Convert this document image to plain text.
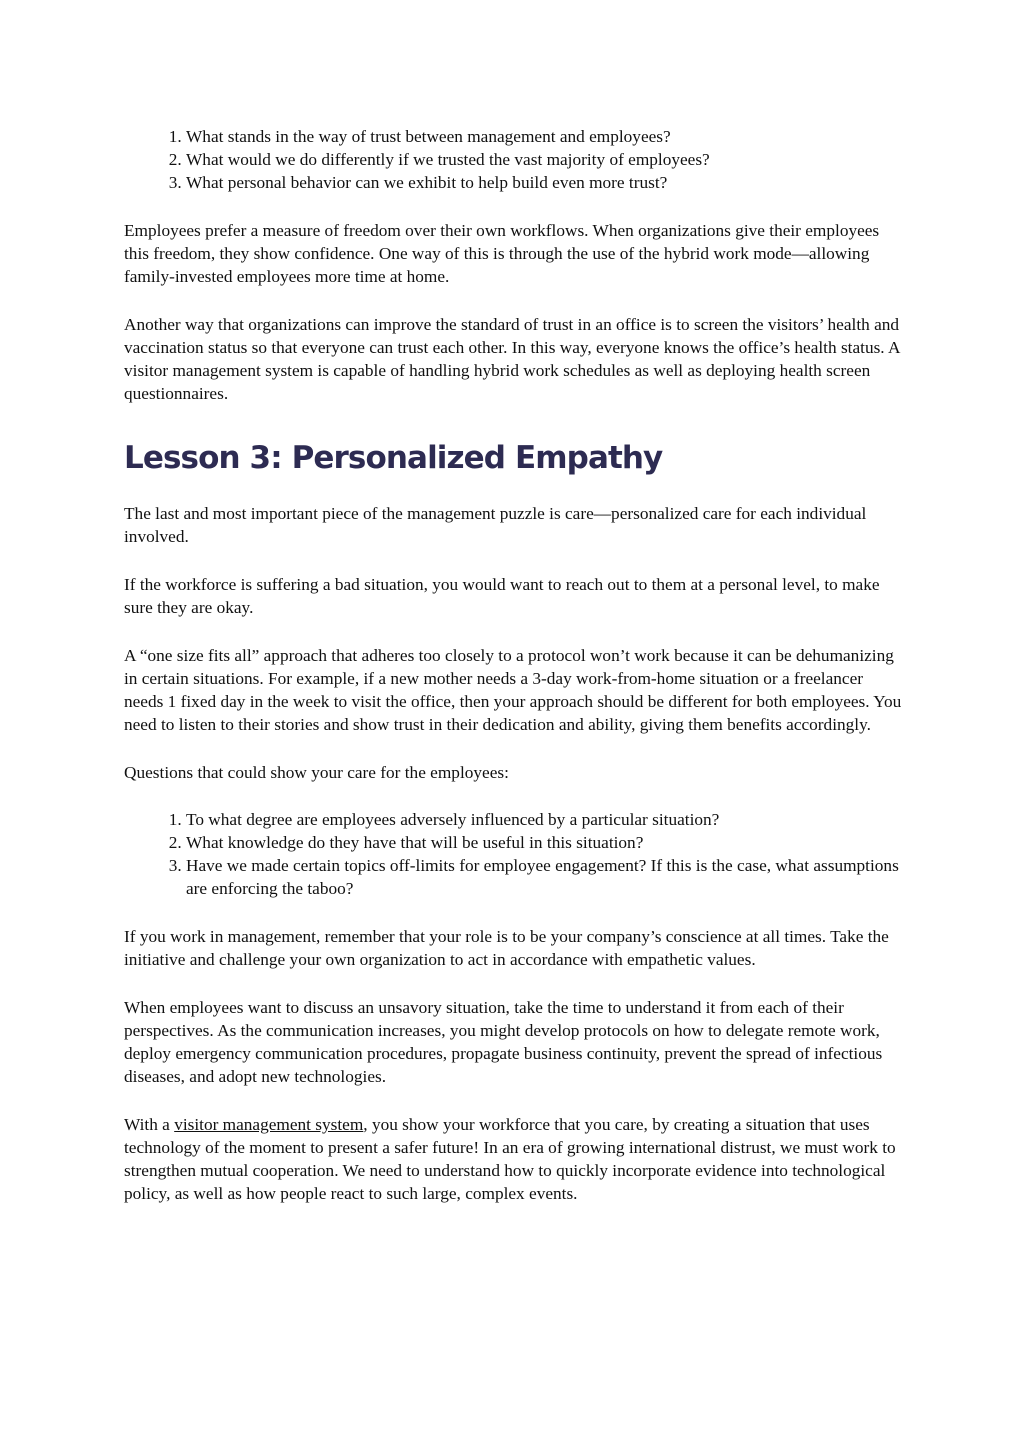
1. What stands in the way of trust between management and employees?
2. What would we do differently if we trusted the vast majority of employees?
3. What personal behavior can we exhibit to help build even more trust?

Employees prefer a measure of freedom over their own workflows. When organizations give their employees this freedom, they show confidence. One way of this is through the use of the hybrid work mode—allowing family-invested employees more time at home.

Another way that organizations can improve the standard of trust in an office is to screen the visitors’ health and vaccination status so that everyone can trust each other. In this way, everyone knows the office’s health status. A visitor management system is capable of handling hybrid work schedules as well as deploying health screen questionnaires.

Lesson 3: Personalized Empathy

The last and most important piece of the management puzzle is care—personalized care for each individual involved.

If the workforce is suffering a bad situation, you would want to reach out to them at a personal level, to make sure they are okay.

A “one size fits all” approach that adheres too closely to a protocol won’t work because it can be dehumanizing in certain situations. For example, if a new mother needs a 3-day work-from-home situation or a freelancer needs 1 fixed day in the week to visit the office, then your approach should be different for both employees. You need to listen to their stories and show trust in their dedication and ability, giving them benefits accordingly.

Questions that could show your care for the employees:

1. To what degree are employees adversely influenced by a particular situation?
2. What knowledge do they have that will be useful in this situation?
3. Have we made certain topics off-limits for employee engagement? If this is the case, what assumptions are enforcing the taboo?

If you work in management, remember that your role is to be your company’s conscience at all times. Take the initiative and challenge your own organization to act in accordance with empathetic values.

When employees want to discuss an unsavory situation, take the time to understand it from each of their perspectives. As the communication increases, you might develop protocols on how to delegate remote work, deploy emergency communication procedures, propagate business continuity, prevent the spread of infectious diseases, and adopt new technologies.

With a visitor management system, you show your workforce that you care, by creating a situation that uses technology of the moment to present a safer future! In an era of growing international distrust, we must work to strengthen mutual cooperation. We need to understand how to quickly incorporate evidence into technological policy, as well as how people react to such large, complex events.
